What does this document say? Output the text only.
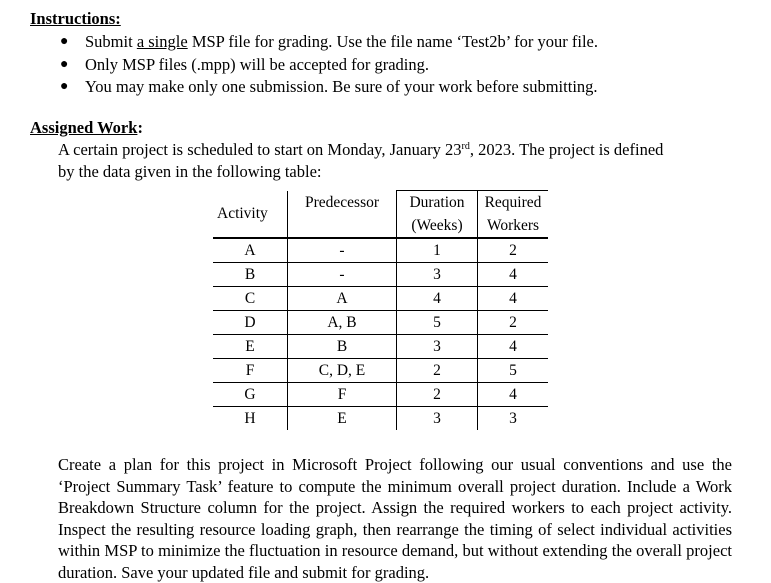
Instructions:
● Submit a single MSP file for grading. Use the file name ‘Test2b’ for your file.
● Only MSP files (.mpp) will be accepted for grading.
● You may make only one submission. Be sure of your work before submitting.
Assigned Work:
A certain project is scheduled to start on Monday, January 23rd, 2023. The project is defined
by the data given in the following table:
Activity	Predecessor	Duration	Required
		(Weeks)	Workers
A	-	1	2
B	-	3	4
C	A	4	4
D	A, B	5	2
E	B	3	4
F	C, D, E	2	5
G	F	2	4
H	E	3	3
Create a plan for this project in Microsoft Project following our usual conventions and use the ‘Project Summary Task’ feature to compute the minimum overall project duration. Include a Work Breakdown Structure column for the project. Assign the required workers to each project activity. Inspect the resulting resource loading graph, then rearrange the timing of select individual activities within MSP to minimize the fluctuation in resource demand, but without extending the overall project duration. Save your updated file and submit for grading.
